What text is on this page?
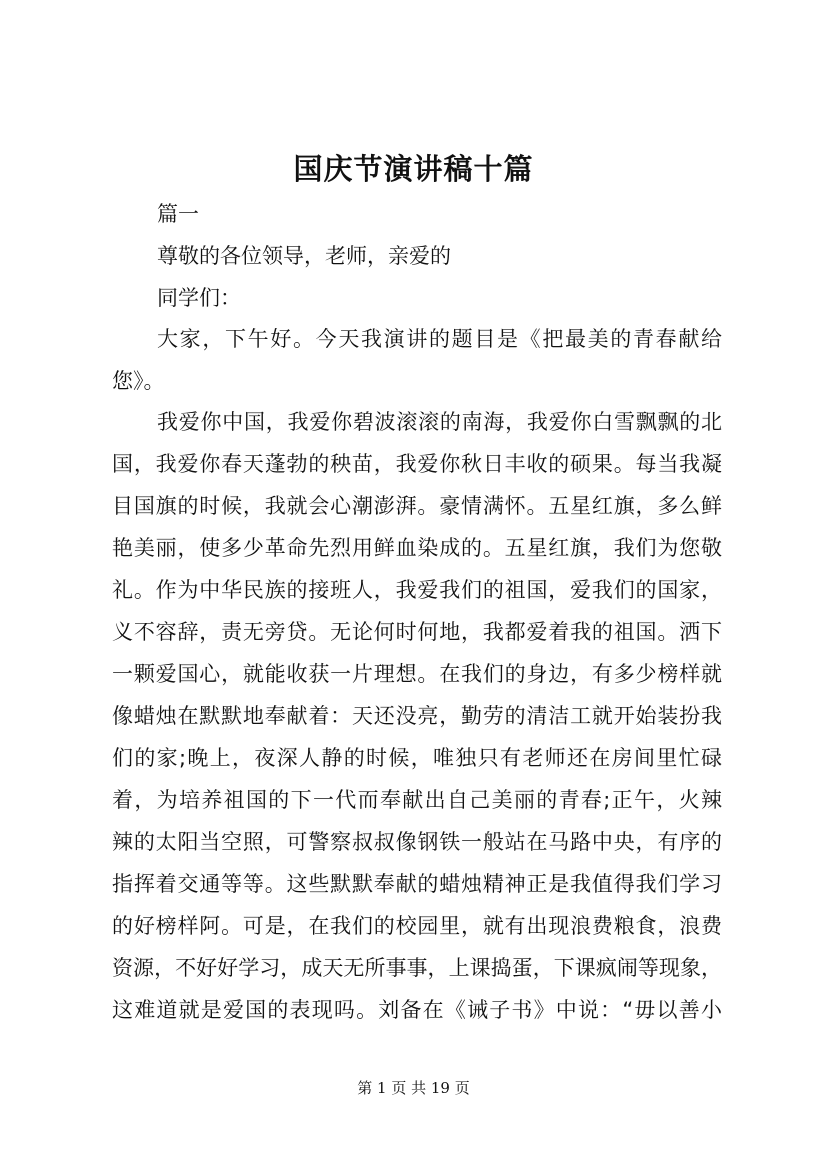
国庆节演讲稿十篇
篇一
尊敬的各位领导，老师，亲爱的
同学们：
大家，下午好。今天我演讲的题目是《把最美的青春献给
您》。
我爱你中国，我爱你碧波滚滚的南海，我爱你白雪飘飘的北
国，我爱你春天蓬勃的秧苗，我爱你秋日丰收的硕果。每当我凝
目国旗的时候，我就会心潮澎湃。豪情满怀。五星红旗，多么鲜
艳美丽，使多少革命先烈用鲜血染成的。五星红旗，我们为您敬
礼。作为中华民族的接班人，我爱我们的祖国，爱我们的国家，
义不容辞，责无旁贷。无论何时何地，我都爱着我的祖国。洒下
一颗爱国心，就能收获一片理想。在我们的身边，有多少榜样就
像蜡烛在默默地奉献着：天还没亮，勤劳的清洁工就开始装扮我
们的家;晚上，夜深人静的时候，唯独只有老师还在房间里忙碌
着，为培养祖国的下一代而奉献出自己美丽的青春;正午，火辣
辣的太阳当空照，可警察叔叔像钢铁一般站在马路中央，有序的
指挥着交通等等。这些默默奉献的蜡烛精神正是我值得我们学习
的好榜样阿。可是，在我们的校园里，就有出现浪费粮食，浪费
资源，不好好学习，成天无所事事，上课捣蛋，下课疯闹等现象，
这难道就是爱国的表现吗。刘备在《诫子书》中说：“毋以善小
第 1 页 共 19 页
